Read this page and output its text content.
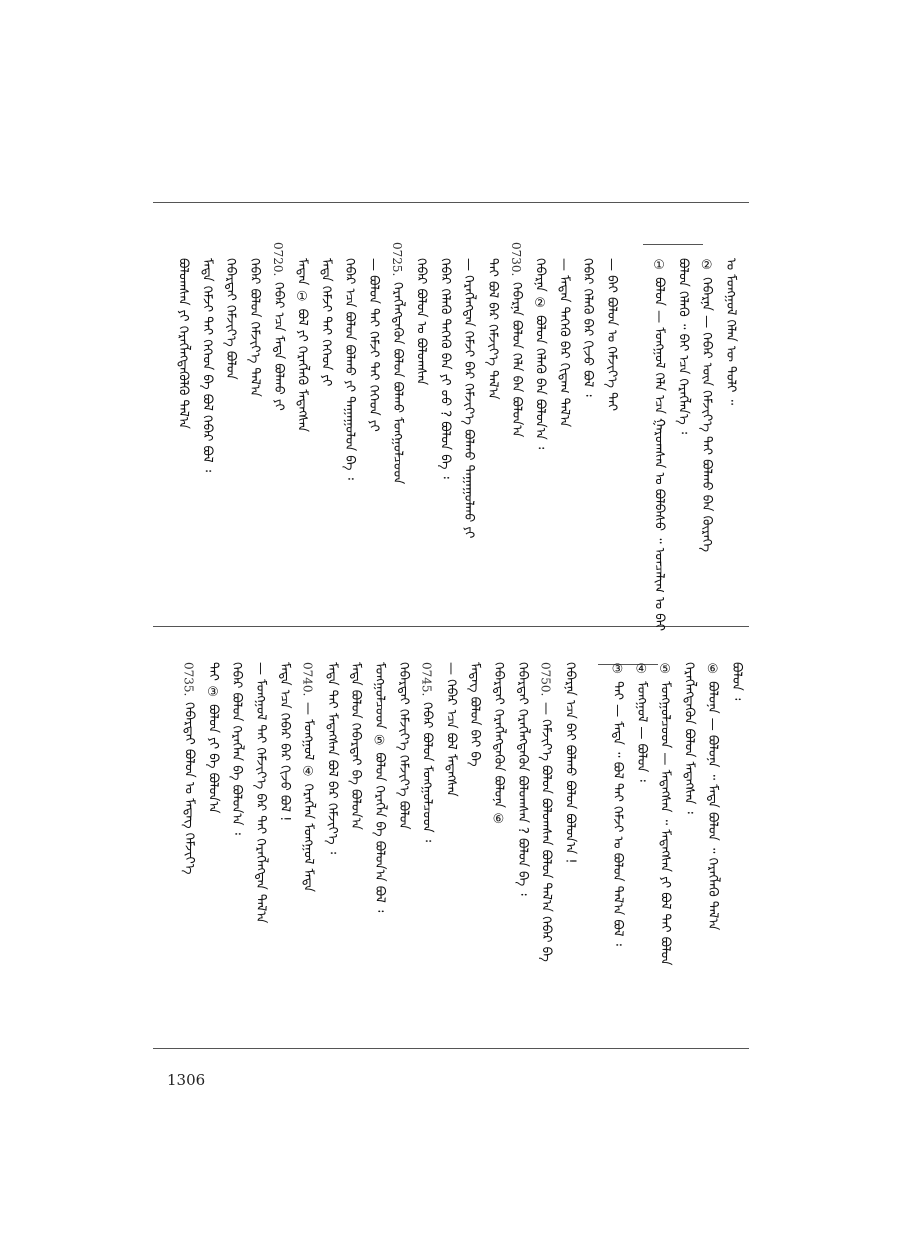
ᠣ ᠮᠣᠩᠭᠣᠯ ᠬᠡᠯᠡᠨ ᠦ ᠳᠤᠯᠢ ᠃
② ᠬᠡᠪᠡᠷᠨᠡ — ᠬᠡᠪᠡᠷ ᠦᠨ ᠬᠡᠮᠵᠢᠶ᠎ᠡ ᠲᠠᠢ ᠪᠣᠯᠬᠤ ᠪᠠᠨ ᠬᠦᠷᠡᠭᠡ
ᠪᠣᠯᠤᠨ ᠬᠡᠯᠡᠬᠦ ᠃ ᠪᠠᠢ ᠡᠴᠡ ᠬᠡᠷᠡᠭᠯᠡᠨ᠎ᠡ ᠄
① ᠪᠣᠯᠤᠨ — ᠮᠣᠩᠭᠣᠯ ᠬᠡᠯᠡ ᠡᠴᠡ ᠭᠠᠷᠤᠭᠰᠠᠨ ᠣ ᠪᠣᠯᠪᠠᠰᠤ ᠃ ᠣᠨᠴᠠᠯᠢᠭ ᠣ ᠪᠠᠢ
— ᠪᠠᠢ ᠪᠣᠯᠤᠨ ᠣ ᠬᠡᠮᠵᠢᠶ᠎ᠡ ᠲᠠᠢ
ᠬᠡᠪᠡᠷ ᠬᠡᠯᠡᠬᠦ ᠪᠡᠷ ᠬᠢᠵᠦ ᠪᠣᠯ ᠄
— ᠮᠡᠳᠡᠨ ᠲᠡᠭᠡᠬᠦ ᠪᠡᠷ ᠬᠢᠳᠠᠭ ᠲᠠᠯ᠎ᠠ
ᠬᠡᠪᠡᠷᠨᠡ ② ᠪᠣᠯᠤᠨ ᠬᠡᠯᠡᠬᠦ ᠪᠡᠨ ᠪᠣᠯᠤᠨ᠎ᠠ ᠄
ᠬᠡᠪᠡᠷᠨᠡ ᠪᠣᠯᠤᠨ ᠬᠡᠯᠡ ᠪᠡᠨ ᠪᠣᠯᠤᠨ᠎ᠠ
0730.
ᠲᠠᠢ ᠪᠣᠯ ᠪᠡᠷ ᠬᠡᠮᠵᠢᠶ᠎ᠡ ᠲᠠᠯ᠎ᠠ
— ᠬᠡᠷᠡᠭᠯᠡᠭᠳᠡᠨ ᠬᠡᠮᠵᠢ ᠪᠡᠷ ᠬᠡᠮᠵᠢᠶ᠎ᠡ ᠪᠣᠯᠬᠤ ᠳᠠᠭᠠᠭᠤᠯᠬᠤ ᠶᠢ
ᠬᠡᠪᠡᠷ ᠬᠡᠯᠡᠬᠦ ᠲᠡᠭᠡᠬᠦ ᠪᠡᠨ ᠶᠢ ᠤᠤ ? ᠪᠣᠯᠤᠨ ᠪᠡ ᠄
ᠬᠡᠪᠡᠷ ᠪᠣᠯᠤᠨ ᠣ ᠪᠣᠯᠤᠭᠰᠠᠨ
ᠬᠡᠷᠡᠭᠯᠡᠭᠳᠡᠭᠦᠨ ᠪᠣᠯᠤᠨ ᠪᠣᠯᠬᠤ ᠮᠣᠩᠭᠣᠯᠴᠤᠳ
0725.
— ᠪᠣᠯᠤᠨ ᠲᠡᠢ ᠬᠡᠮᠵᠢ ᠲᠡᠢ ᠬᠡᠭᠡᠳ ᠶᠢ
ᠬᠡᠪᠡᠷ ᠡᠴᠡ ᠪᠣᠯᠤᠨ ᠪᠣᠯᠬᠤ ᠶᠢ ᠳᠠᠭᠠᠭᠤᠯᠤᠨ ᠪᠡ ᠄
ᠮᠡᠳᠡ ᠬᠡᠮᠵᠢ ᠲᠡᠢ ᠬᠡᠭᠡᠳ ᠶᠢ
ᠮᠡᠳᠡᠨ ① ᠪᠣᠯ ᠶᠢ ᠬᠡᠷᠡᠭᠯᠡᠬᠦ ᠮᠡᠳᠡᠭᠰᠡᠨ
ᠬᠡᠪᠡᠷ ᠡᠴᠡ ᠮᠡᠳᠡ ᠪᠣᠯᠬᠤ ᠶᠢ
0720.
ᠬᠡᠪᠡᠷ ᠪᠣᠯᠤᠨ ᠬᠡᠮᠵᠢᠶ᠎ᠡ ᠲᠠᠯ᠎ᠠ
ᠬᠡᠪᠡᠷᠲᠡᠢ ᠬᠡᠮᠵᠢᠶ᠎ᠡ ᠪᠣᠯᠤᠨ
ᠮᠡᠳᠡ ᠬᠡᠮᠵᠢ ᠲᠡᠢ ᠬᠡᠭᠡᠳ ᠪᠡ ᠪᠣᠯ ᠬᠡᠪᠡᠷ ᠪᠣᠯ ᠄
ᠪᠣᠯᠤᠭᠰᠠᠨ ᠶᠢ ᠬᠡᠷᠡᠭᠯᠡᠭᠳᠡᠭᠦᠯᠬᠦ ᠲᠠᠯ᠎ᠠ
ᠪᠣᠯᠤᠨ ᠄
⑥ ᠪᠣᠯᠤᠨᠠ — ᠪᠣᠯᠤᠨᠠ ᠃ ᠮᠡᠳᠡ ᠪᠣᠯᠤᠨ ᠃ ᠬᠡᠷᠡᠭᠯᠡᠬᠦ ᠲᠠᠯ᠎ᠠ
ᠬᠡᠷᠡᠭᠯᠡᠭᠳᠡᠭᠦᠨ ᠪᠣᠯᠤᠨ ᠮᠡᠳᠡᠭᠰᠡᠨ ᠄
⑤ ᠮᠣᠩᠭᠣᠯᠴᠤᠳ — ᠮᠡᠳᠡᠭᠰᠡᠨ ᠃ ᠮᠡᠳᠡᠭᠰᠡᠨ ᠶᠢ ᠪᠣᠯ ᠲᠡᠢ ᠪᠣᠯᠤᠨ
④ ᠮᠣᠩᠭᠣᠯ — ᠪᠣᠯᠤᠨ ᠄
③ ᠲᠡᠢ — ᠮᠡᠳᠡ ᠃ ᠪᠣᠯ ᠲᠡᠢ ᠬᠡᠮᠵᠢ ᠣ ᠪᠣᠯᠤᠨ ᠲᠠᠯ᠎ᠠ ᠪᠣᠯ ᠄
ᠬᠡᠪᠡᠷᠨᠡ ᠡᠴᠡ ᠪᠠᠢ ᠪᠣᠯᠬᠤ ᠪᠣᠯᠤᠨ ᠪᠣᠯᠤᠨ᠎ᠠ !
— ᠬᠡᠮᠵᠢᠶ᠎ᠡ ᠪᠣᠯᠤᠨ ᠪᠣᠯᠤᠭᠰᠠᠨ ᠪᠣᠯᠤᠨ ᠲᠠᠯ᠎ᠠ ᠬᠡᠪᠡᠷ ᠪᠡ
0750.
ᠬᠡᠪᠡᠷᠲᠡᠢ ᠬᠡᠷᠡᠭᠯᠡᠭᠳᠡᠭᠦᠨ ᠪᠣᠯᠤᠭᠰᠠᠨ ? ᠪᠣᠯᠤᠨ ᠪᠡ ᠄
ᠬᠡᠪᠡᠷᠲᠡᠢ ᠬᠡᠷᠡᠭᠯᠡᠭᠳᠡᠭᠦᠨ ᠪᠣᠯᠤᠨᠠ ⑥
ᠮᠡᠳᠡᠭ ᠪᠣᠯᠤᠨ ᠪᠠᠢ ᠪᠡ
— ᠬᠡᠪᠡᠷ ᠡᠴᠡ ᠪᠣᠯ ᠮᠡᠳᠡᠭᠰᠡᠨ
ᠬᠡᠪᠡᠷ ᠪᠣᠯᠤᠨ ᠮᠣᠩᠭᠣᠯᠴᠤᠳ ᠄
0745.
ᠬᠡᠪᠡᠷᠲᠡᠢ ᠬᠡᠮᠵᠢᠶ᠎ᠡ ᠬᠡᠮᠵᠢᠶ᠎ᠡ ᠪᠣᠯᠤᠨ
ᠮᠣᠩᠭᠣᠯᠴᠤᠳ ⑤ ᠪᠣᠯᠤᠨ ᠬᠡᠷᠡᠭᠯᠡ ᠪᠡ ᠪᠣᠯᠤᠨ᠎ᠠ ᠪᠣᠯ ᠄
ᠮᠡᠳᠡ ᠪᠣᠯᠤᠨ ᠬᠡᠪᠡᠷᠲᠡᠢ ᠪᠡ ᠪᠣᠯᠤᠨ᠎ᠠ
ᠮᠡᠳᠡ ᠲᠡᠢ ᠮᠡᠳᠡᠭᠰᠡᠨ ᠪᠣᠯ ᠪᠡᠷ ᠬᠡᠮᠵᠢᠶ᠎ᠡ ᠄
— ᠮᠣᠩᠭᠣᠯ ④ ᠬᠡᠷᠡᠭᠯᠡᠨ ᠮᠣᠩᠭᠣᠯ ᠮᠡᠳᠡ
0740.
ᠮᠡᠳᠡ ᠡᠴᠡ ᠬᠡᠪᠡᠷ ᠪᠡᠷ ᠬᠢᠵᠦ ᠪᠣᠯ !
— ᠮᠣᠩᠭᠣᠯ ᠲᠡᠢ ᠬᠡᠮᠵᠢᠶ᠎ᠡ ᠪᠡᠷ ᠲᠡᠢ ᠬᠡᠷᠡᠭᠯᠡᠭᠳᠡᠨ ᠲᠠᠯ᠎ᠠ
ᠬᠡᠪᠡᠷ ᠪᠣᠯᠤᠨ ᠬᠡᠷᠡᠭᠯᠡᠨ ᠪᠡ ᠪᠣᠯᠤᠨ᠎ᠠ ᠄
ᠲᠡᠢ ③ ᠪᠣᠯᠤᠨ ᠶᠢ ᠪᠡ ᠪᠣᠯᠤᠨ᠎ᠠ
ᠬᠡᠪᠡᠷᠲᠡᠢ ᠪᠣᠯᠤᠨ ᠣ ᠮᠡᠳᠡᠭ ᠬᠡᠮᠵᠢᠶ᠎ᠡ
0735.
1306
